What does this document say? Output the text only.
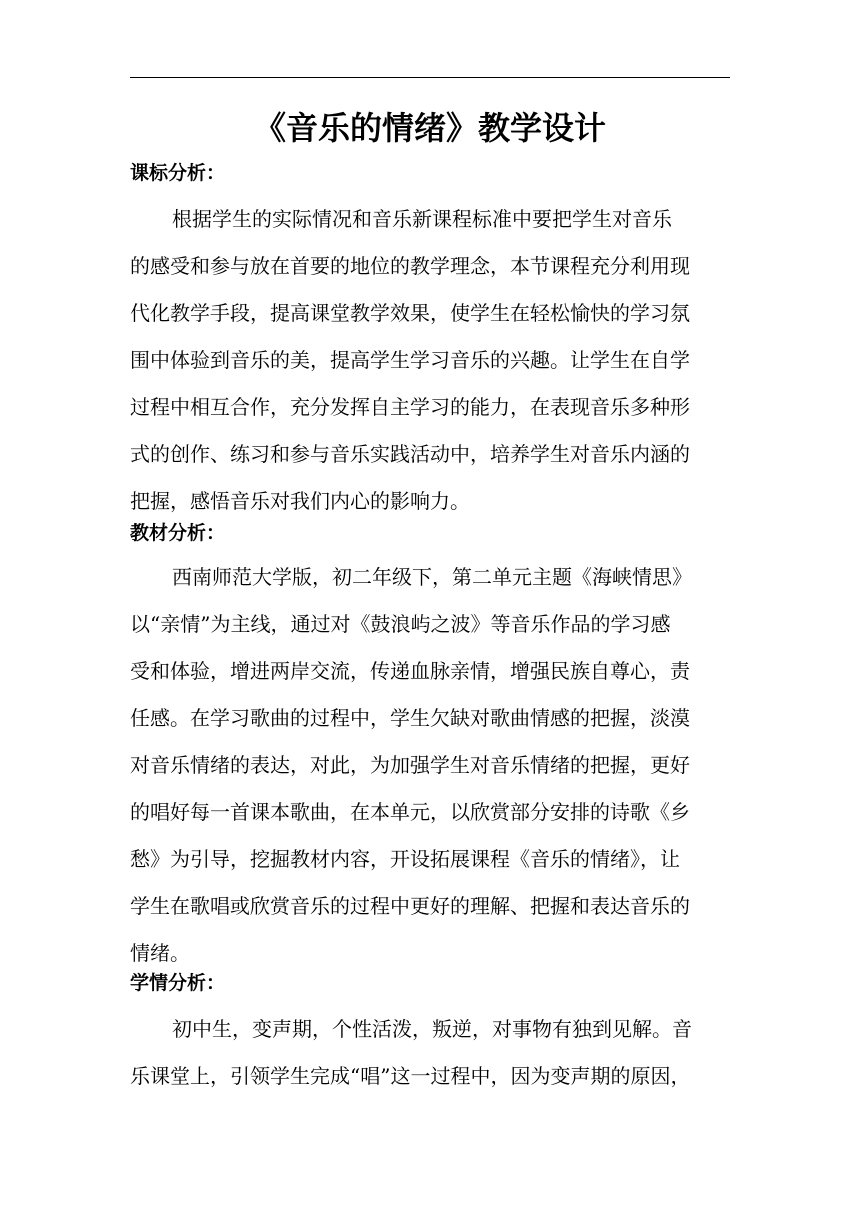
《音乐的情绪》教学设计
课标分析：
根据学生的实际情况和音乐新课程标准中要把学生对音乐
的感受和参与放在首要的地位的教学理念，本节课程充分利用现
代化教学手段，提高课堂教学效果，使学生在轻松愉快的学习氛
围中体验到音乐的美，提高学生学习音乐的兴趣。让学生在自学
过程中相互合作，充分发挥自主学习的能力，在表现音乐多种形
式的创作、练习和参与音乐实践活动中，培养学生对音乐内涵的
把握，感悟音乐对我们内心的影响力。
教材分析：
西南师范大学版，初二年级下，第二单元主题《海峡情思》
以“亲情”为主线，通过对《鼓浪屿之波》等音乐作品的学习感
受和体验，增进两岸交流，传递血脉亲情，增强民族自尊心，责
任感。在学习歌曲的过程中，学生欠缺对歌曲情感的把握，淡漠
对音乐情绪的表达，对此，为加强学生对音乐情绪的把握，更好
的唱好每一首课本歌曲，在本单元，以欣赏部分安排的诗歌《乡
愁》为引导，挖掘教材内容，开设拓展课程《音乐的情绪》，让
学生在歌唱或欣赏音乐的过程中更好的理解、把握和表达音乐的
情绪。
学情分析：
初中生，变声期，个性活泼，叛逆，对事物有独到见解。音
乐课堂上，引领学生完成“唱”这一过程中，因为变声期的原因，
